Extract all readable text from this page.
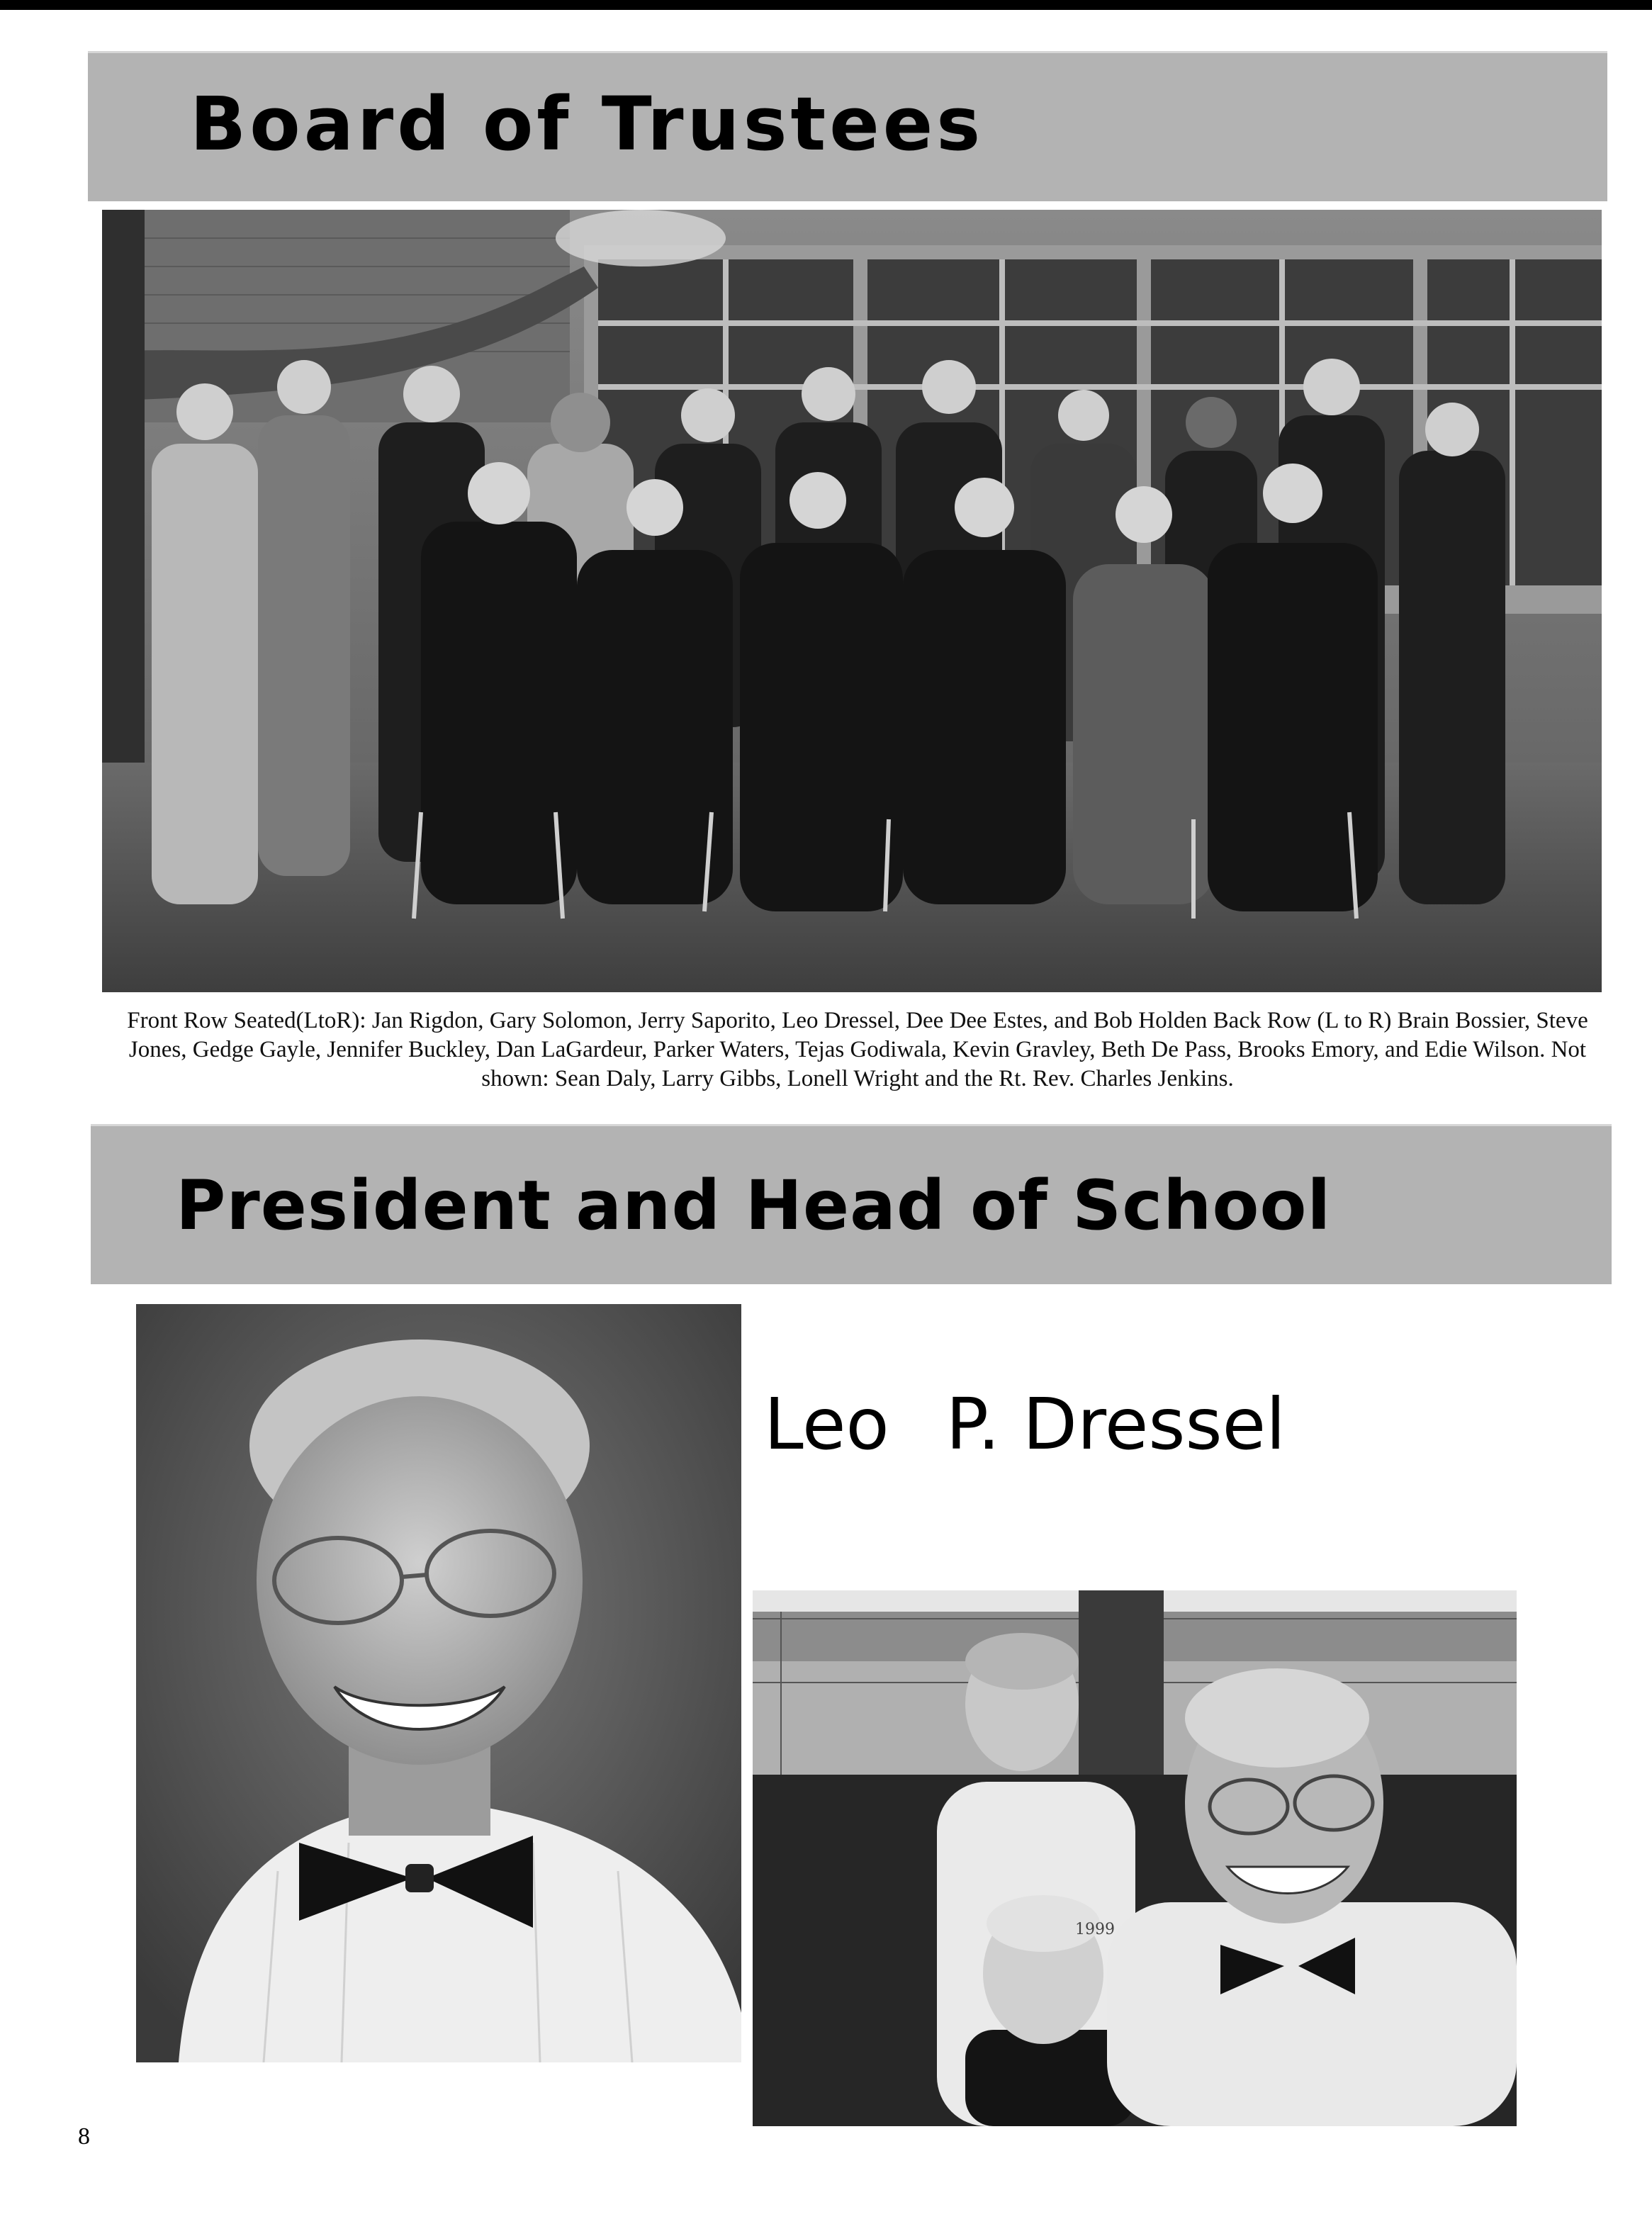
Board of Trustees
Front Row Seated(LtoR): Jan Rigdon, Gary Solomon, Jerry Saporito, Leo Dressel, Dee Dee Estes, and Bob Holden Back Row (L to R) Brain Bossier, Steve Jones, Gedge Gayle, Jennifer Buckley, Dan LaGardeur, Parker Waters, Tejas Godiwala, Kevin Gravley, Beth De Pass, Brooks Emory, and Edie Wilson. Not shown: Sean Daly, Larry Gibbs, Lonell Wright and the Rt. Rev. Charles Jenkins.
President and Head of School
Leo P. Dressel
1999
8
